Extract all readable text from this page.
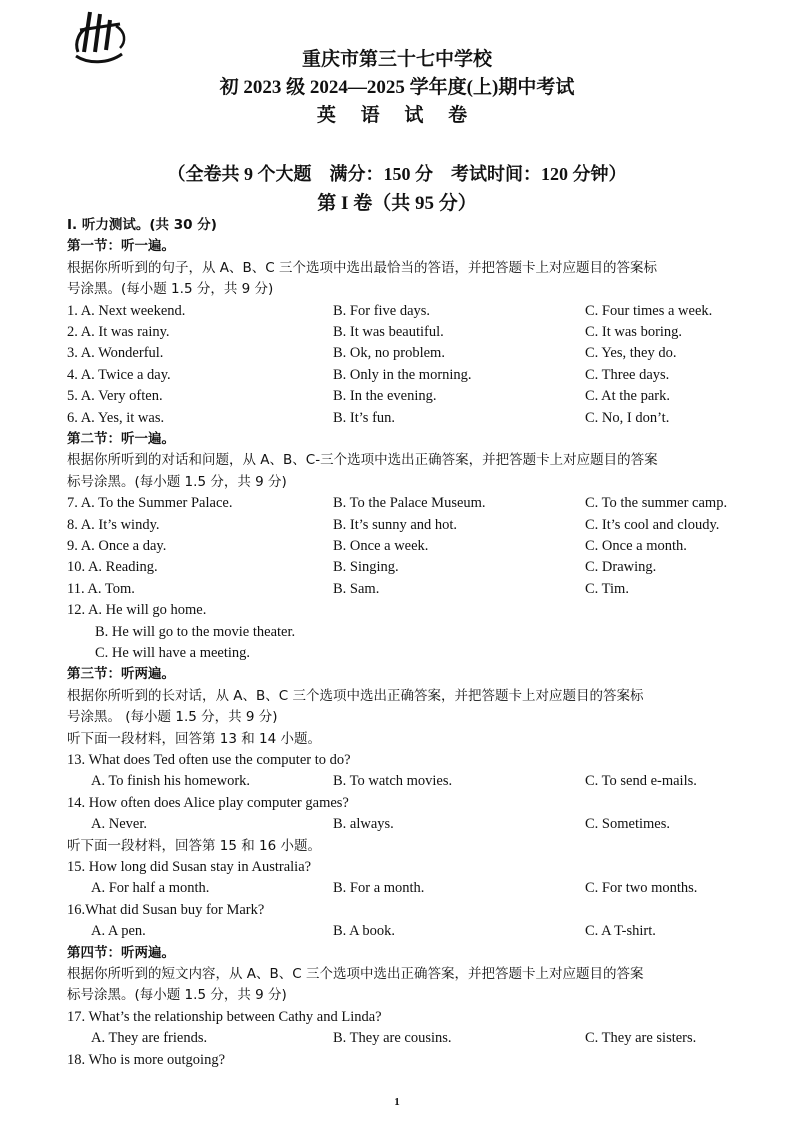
重庆市第三十七中学校
初 2023 级 2024—2025 学年度(上)期中考试
英 语 试 卷
（全卷共 9 个大题　满分：150 分　考试时间：120 分钟）
第 I 卷（共 95 分）
I. 听力测试。(共 30 分)
第一节：听一遍。
根据你所听到的句子，从 A、B、C 三个选项中选出最恰当的答语，并把答题卡上对应题目的答案标
号涂黑。(每小题 1.5 分，共 9 分)
1. A. Next weekend.	B. For five days.	C. Four times a week.
2. A. It was rainy.	B. It was beautiful.	C. It was boring.
3. A. Wonderful.	B. Ok, no problem.	C. Yes, they do.
4. A. Twice a day.	B. Only in the morning.	C. Three days.
5. A. Very often.	B. In the evening.	C. At the park.
6. A. Yes, it was.	B. It’s fun.	C. No, I don’t.
第二节：听一遍。
根据你所听到的对话和问题，从 A、B、C-三个选项中选出正确答案，并把答题卡上对应题目的答案
标号涂黑。(每小题 1.5 分，共 9 分)
7. A. To the Summer Palace.	B. To the Palace Museum.	C. To the summer camp.
8. A. It’s windy.	B. It’s sunny and hot.	C. It’s cool and cloudy.
9. A. Once a day.	B. Once a week.	C. Once a month.
10. A. Reading.	B. Singing.	C. Drawing.
11. A. Tom.	B. Sam.	C. Tim.
12. A. He will go home.
B. He will go to the movie theater.
C. He will have a meeting.
第三节：听两遍。
根据你所听到的长对话，从 A、B、C 三个选项中选出正确答案，并把答题卡上对应题目的答案标
号涂黑。 (每小题 1.5 分，共 9 分)
听下面一段材料，回答第 13 和 14 小题。
13. What does Ted often use the computer to do?
A. To finish his homework.	B. To watch movies.	C. To send e-mails.
14. How often does Alice play computer games?
A. Never.	B. always.	C. Sometimes.
听下面一段材料，回答第 15 和 16 小题。
15. How long did Susan stay in Australia?
A. For half a month.	B. For a month.	C. For two months.
16.What did Susan buy for Mark?
A. A pen.	B. A book.	C. A T-shirt.
第四节：听两遍。
根据你所听到的短文内容，从 A、B、C 三个选项中选出正确答案，并把答题卡上对应题目的答案
标号涂黑。(每小题 1.5 分，共 9 分)
17. What’s the relationship between Cathy and Linda?
A. They are friends.	B. They are cousins.	C. They are sisters.
18. Who is more outgoing?
1
